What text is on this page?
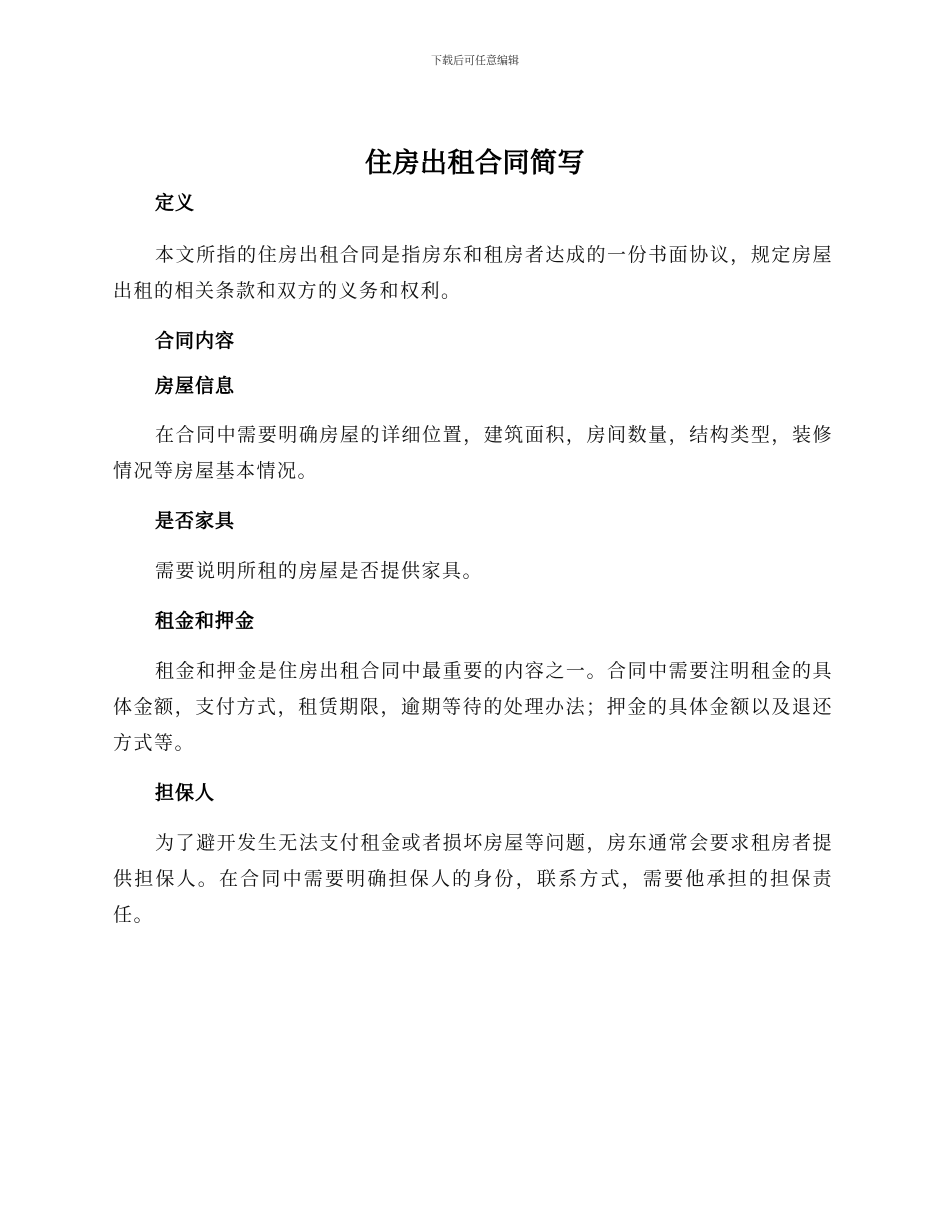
下载后可任意编辑
住房出租合同简写
定义

本文所指的住房出租合同是指房东和租房者达成的一份书面协议，规定房屋出租的相关条款和双方的义务和权利。

合同内容
房屋信息

在合同中需要明确房屋的详细位置，建筑面积，房间数量，结构类型，装修情况等房屋基本情况。

是否家具

需要说明所租的房屋是否提供家具。

租金和押金

租金和押金是住房出租合同中最重要的内容之一。合同中需要注明租金的具体金额，支付方式，租赁期限，逾期等待的处理办法；押金的具体金额以及退还方式等。

担保人

为了避开发生无法支付租金或者损坏房屋等问题，房东通常会要求租房者提供担保人。在合同中需要明确担保人的身份，联系方式，需要他承担的担保责任。
